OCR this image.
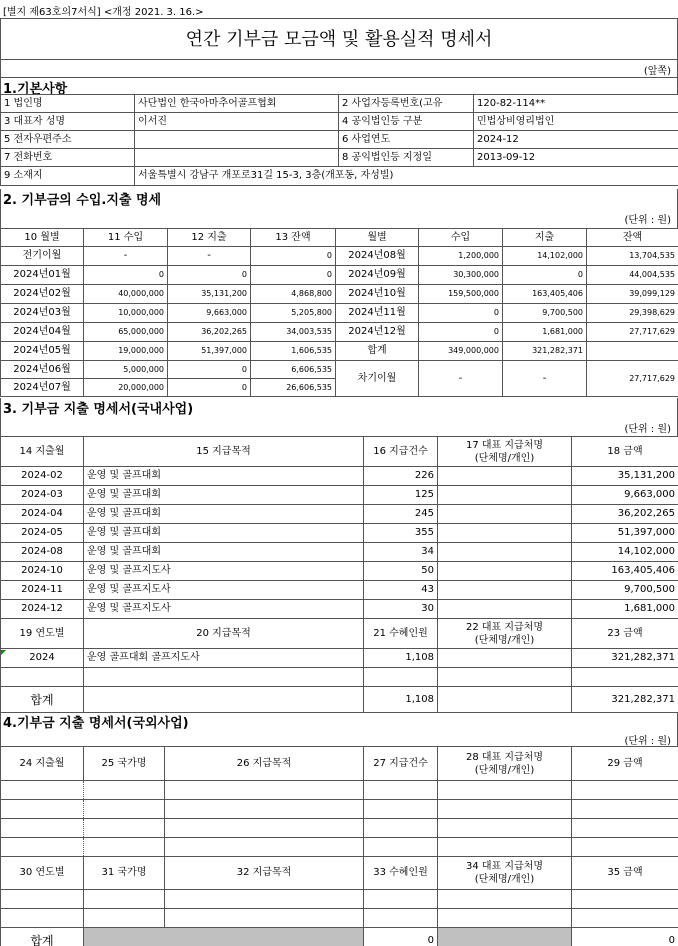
[별지 제63호의7서식] <개정 2021. 3. 16.>
연간 기부금 모금액 및 활용실적 명세서
(앞쪽)
1.기본사항
1 법인명	사단법인 한국아마추어골프협회	2 사업자등록번호(고유	120-82-114**
3 대표자 성명	이서진	4 공익법인등 구분	민법상비영리법인
5 전자우편주소		6 사업연도	2024-12
7 전화번호		8 공익법인등 지정일	2013-09-12
9 소재지	서울특별시 강남구 개포로31길 15-3, 3층(개포동, 자성빌)		
2. 기부금의 수입.지출 명세
(단위 : 원)
10 월별	11 수입	12 지출	13 잔액	월별	수입	지출	잔액
전기이월	-	-	0	2024년08월	1,200,000	14,102,000	13,704,535
2024년01월	0	0	0	2024년09월	30,300,000	0	44,004,535
2024년02월	40,000,000	35,131,200	4,868,800	2024년10월	159,500,000	163,405,406	39,099,129
2024년03월	10,000,000	9,663,000	5,205,800	2024년11월	0	9,700,500	29,398,629
2024년04월	65,000,000	36,202,265	34,003,535	2024년12월	0	1,681,000	27,717,629
2024년05월	19,000,000	51,397,000	1,606,535	합계	349,000,000	321,282,371	
2024년06월	5,000,000	0	6,606,535	차기이월	-	-	27,717,629
2024년07월	20,000,000	0	26,606,535				
3. 기부금 지출 명세서(국내사업)
(단위 : 원)
14 지출월	15 지급목적	16 지급건수	17 대표 지급처명
(단체명/개인)	18 금액
2024-02	운영 및 골프대회	226		35,131,200
2024-03	운영 및 골프대회	125		9,663,000
2024-04	운영 및 골프대회	245		36,202,265
2024-05	운영 및 골프대회	355		51,397,000
2024-08	운영 및 골프대회	34		14,102,000
2024-10	운영 및 골프지도사	50		163,405,406
2024-11	운영 및 골프지도사	43		9,700,500
2024-12	운영 및 골프지도사	30		1,681,000
19 연도별	20 지급목적	21 수혜인원	22 대표 지급처명
(단체명/개인)	23 금액
2024	운영 골프대회 골프지도사	1,108		321,282,371

합계		1,108		321,282,371
4.기부금 지출 명세서(국외사업)
(단위 : 원)
24 지출월	25 국가명	26 지급목적	27 지급건수	28 대표 지급처명
(단체명/개인)	29 금액

30 연도별	31 국가명	32 지급목적	33 수혜인원	34 대표 지급처명
(단체명/개인)	35 금액

합계			0		0
